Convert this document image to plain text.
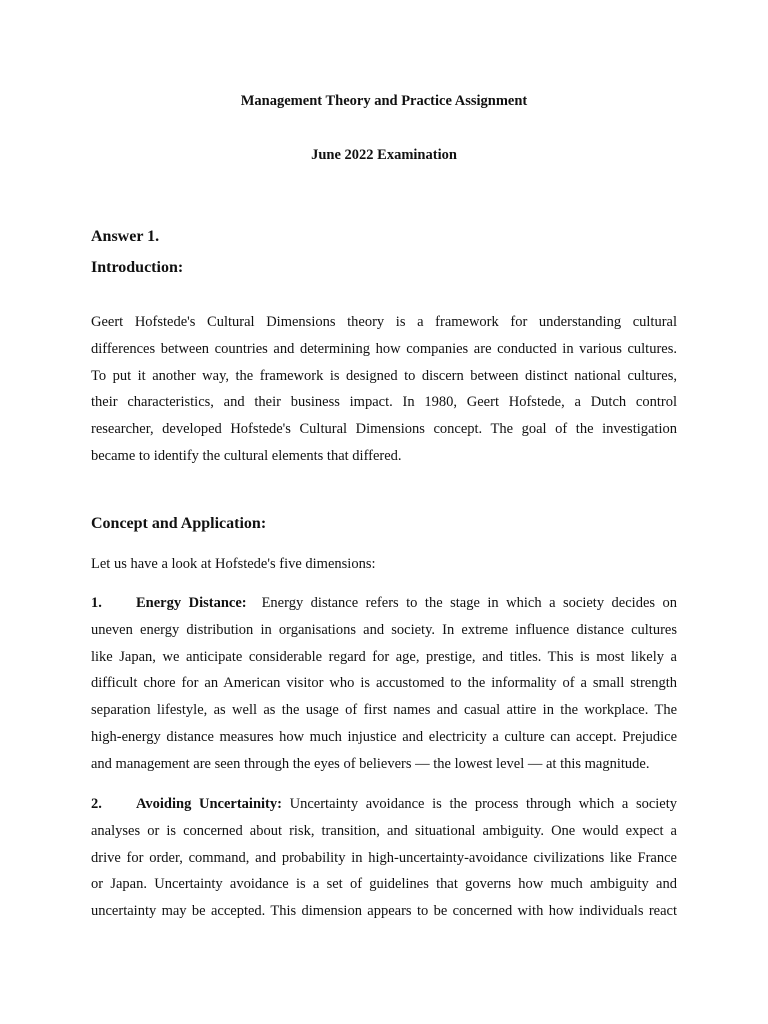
Management Theory and Practice Assignment
June 2022 Examination
Answer 1.
Introduction:
Geert Hofstede's Cultural Dimensions theory is a framework for understanding cultural
differences between countries and determining how companies are conducted in various cultures.
To put it another way, the framework is designed to discern between distinct national cultures,
their characteristics, and their business impact. In 1980, Geert Hofstede, a Dutch control
researcher, developed Hofstede's Cultural Dimensions concept. The goal of the investigation
became to identify the cultural elements that differed.
Concept and Application:
Let us have a look at Hofstede's five dimensions:
1. Energy Distance: Energy distance refers to the stage in which a society decides on
uneven energy distribution in organisations and society. In extreme influence distance cultures
like Japan, we anticipate considerable regard for age, prestige, and titles. This is most likely a
difficult chore for an American visitor who is accustomed to the informality of a small strength
separation lifestyle, as well as the usage of first names and casual attire in the workplace. The
high-energy distance measures how much injustice and electricity a culture can accept. Prejudice
and management are seen through the eyes of believers — the lowest level — at this magnitude.
2. Avoiding Uncertainity: Uncertainty avoidance is the process through which a society
analyses or is concerned about risk, transition, and situational ambiguity. One would expect a
drive for order, command, and probability in high-uncertainty-avoidance civilizations like France
or Japan. Uncertainty avoidance is a set of guidelines that governs how much ambiguity and
uncertainty may be accepted. This dimension appears to be concerned with how individuals react
